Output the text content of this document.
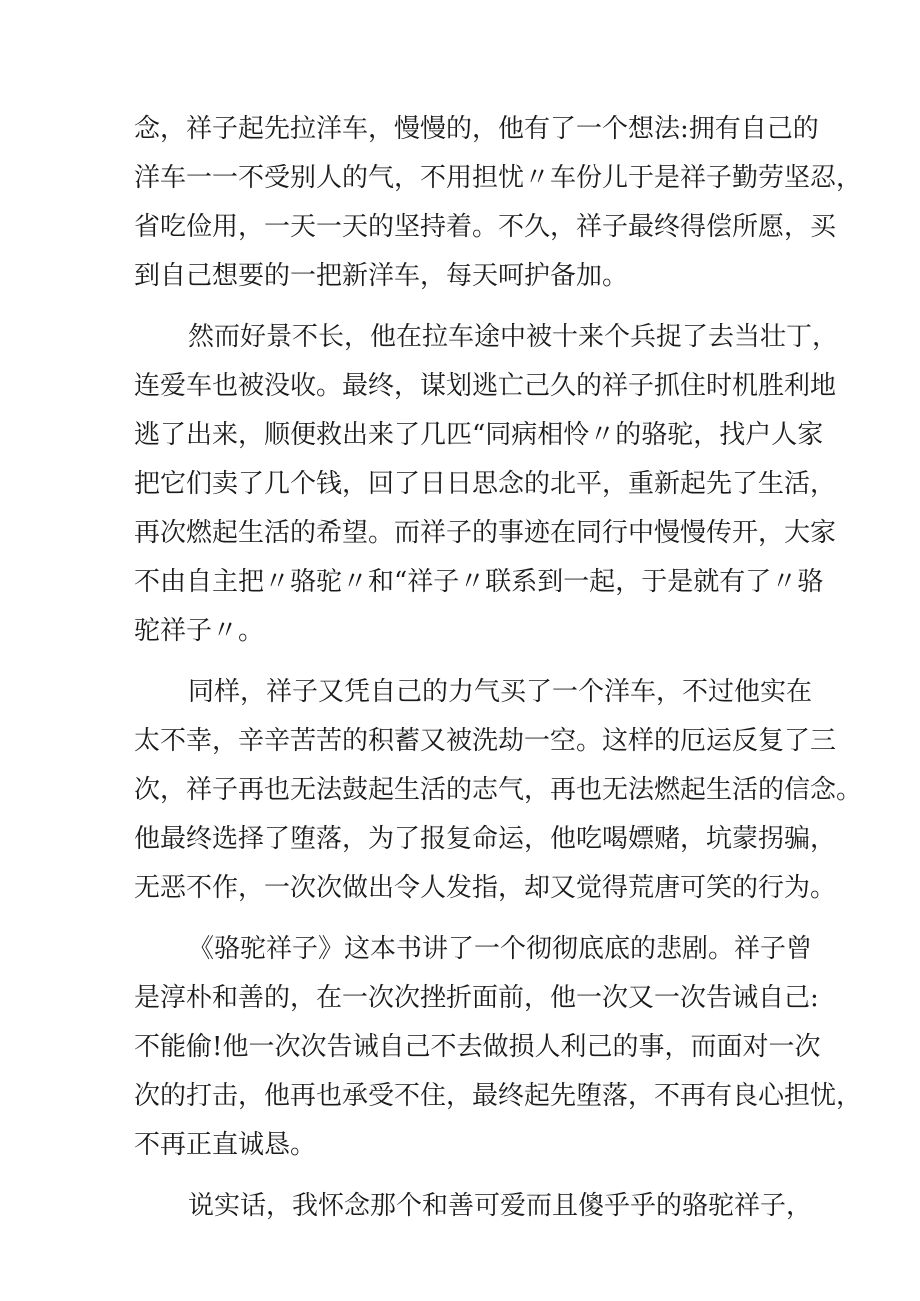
念，祥子起先拉洋车，慢慢的，他有了一个想法:拥有自己的
洋车一一不受别人的气，不用担忧〃车份儿于是祥子勤劳坚忍，
省吃俭用，一天一天的坚持着。不久，祥子最终得偿所愿，买
到自己想要的一把新洋车，每天呵护备加。
然而好景不长，他在拉车途中被十来个兵捉了去当壮丁，
连爱车也被没收。最终，谋划逃亡己久的祥子抓住时机胜利地
逃了出来，顺便救出来了几匹“同病相怜〃的骆驼，找户人家
把它们卖了几个钱，回了日日思念的北平，重新起先了生活，
再次燃起生活的希望。而祥子的事迹在同行中慢慢传开，大家
不由自主把〃骆驼〃和“祥子〃联系到一起，于是就有了〃骆
驼祥子〃。
同样，祥子又凭自己的力气买了一个洋车，不过他实在
太不幸，辛辛苦苦的积蓄又被洗劫一空。这样的厄运反复了三
次，祥子再也无法鼓起生活的志气，再也无法燃起生活的信念。
他最终选择了堕落，为了报复命运，他吃喝嫖赌，坑蒙拐骗，
无恶不作，一次次做出令人发指，却又觉得荒唐可笑的行为。
《骆驼祥子》这本书讲了一个彻彻底底的悲剧。祥子曾
是淳朴和善的，在一次次挫折面前，他一次又一次告诫自己:
不能偷!他一次次告诫自己不去做损人利己的事，而面对一次
次的打击，他再也承受不住，最终起先堕落，不再有良心担忧，
不再正直诚恳。
说实话，我怀念那个和善可爱而且傻乎乎的骆驼祥子，
